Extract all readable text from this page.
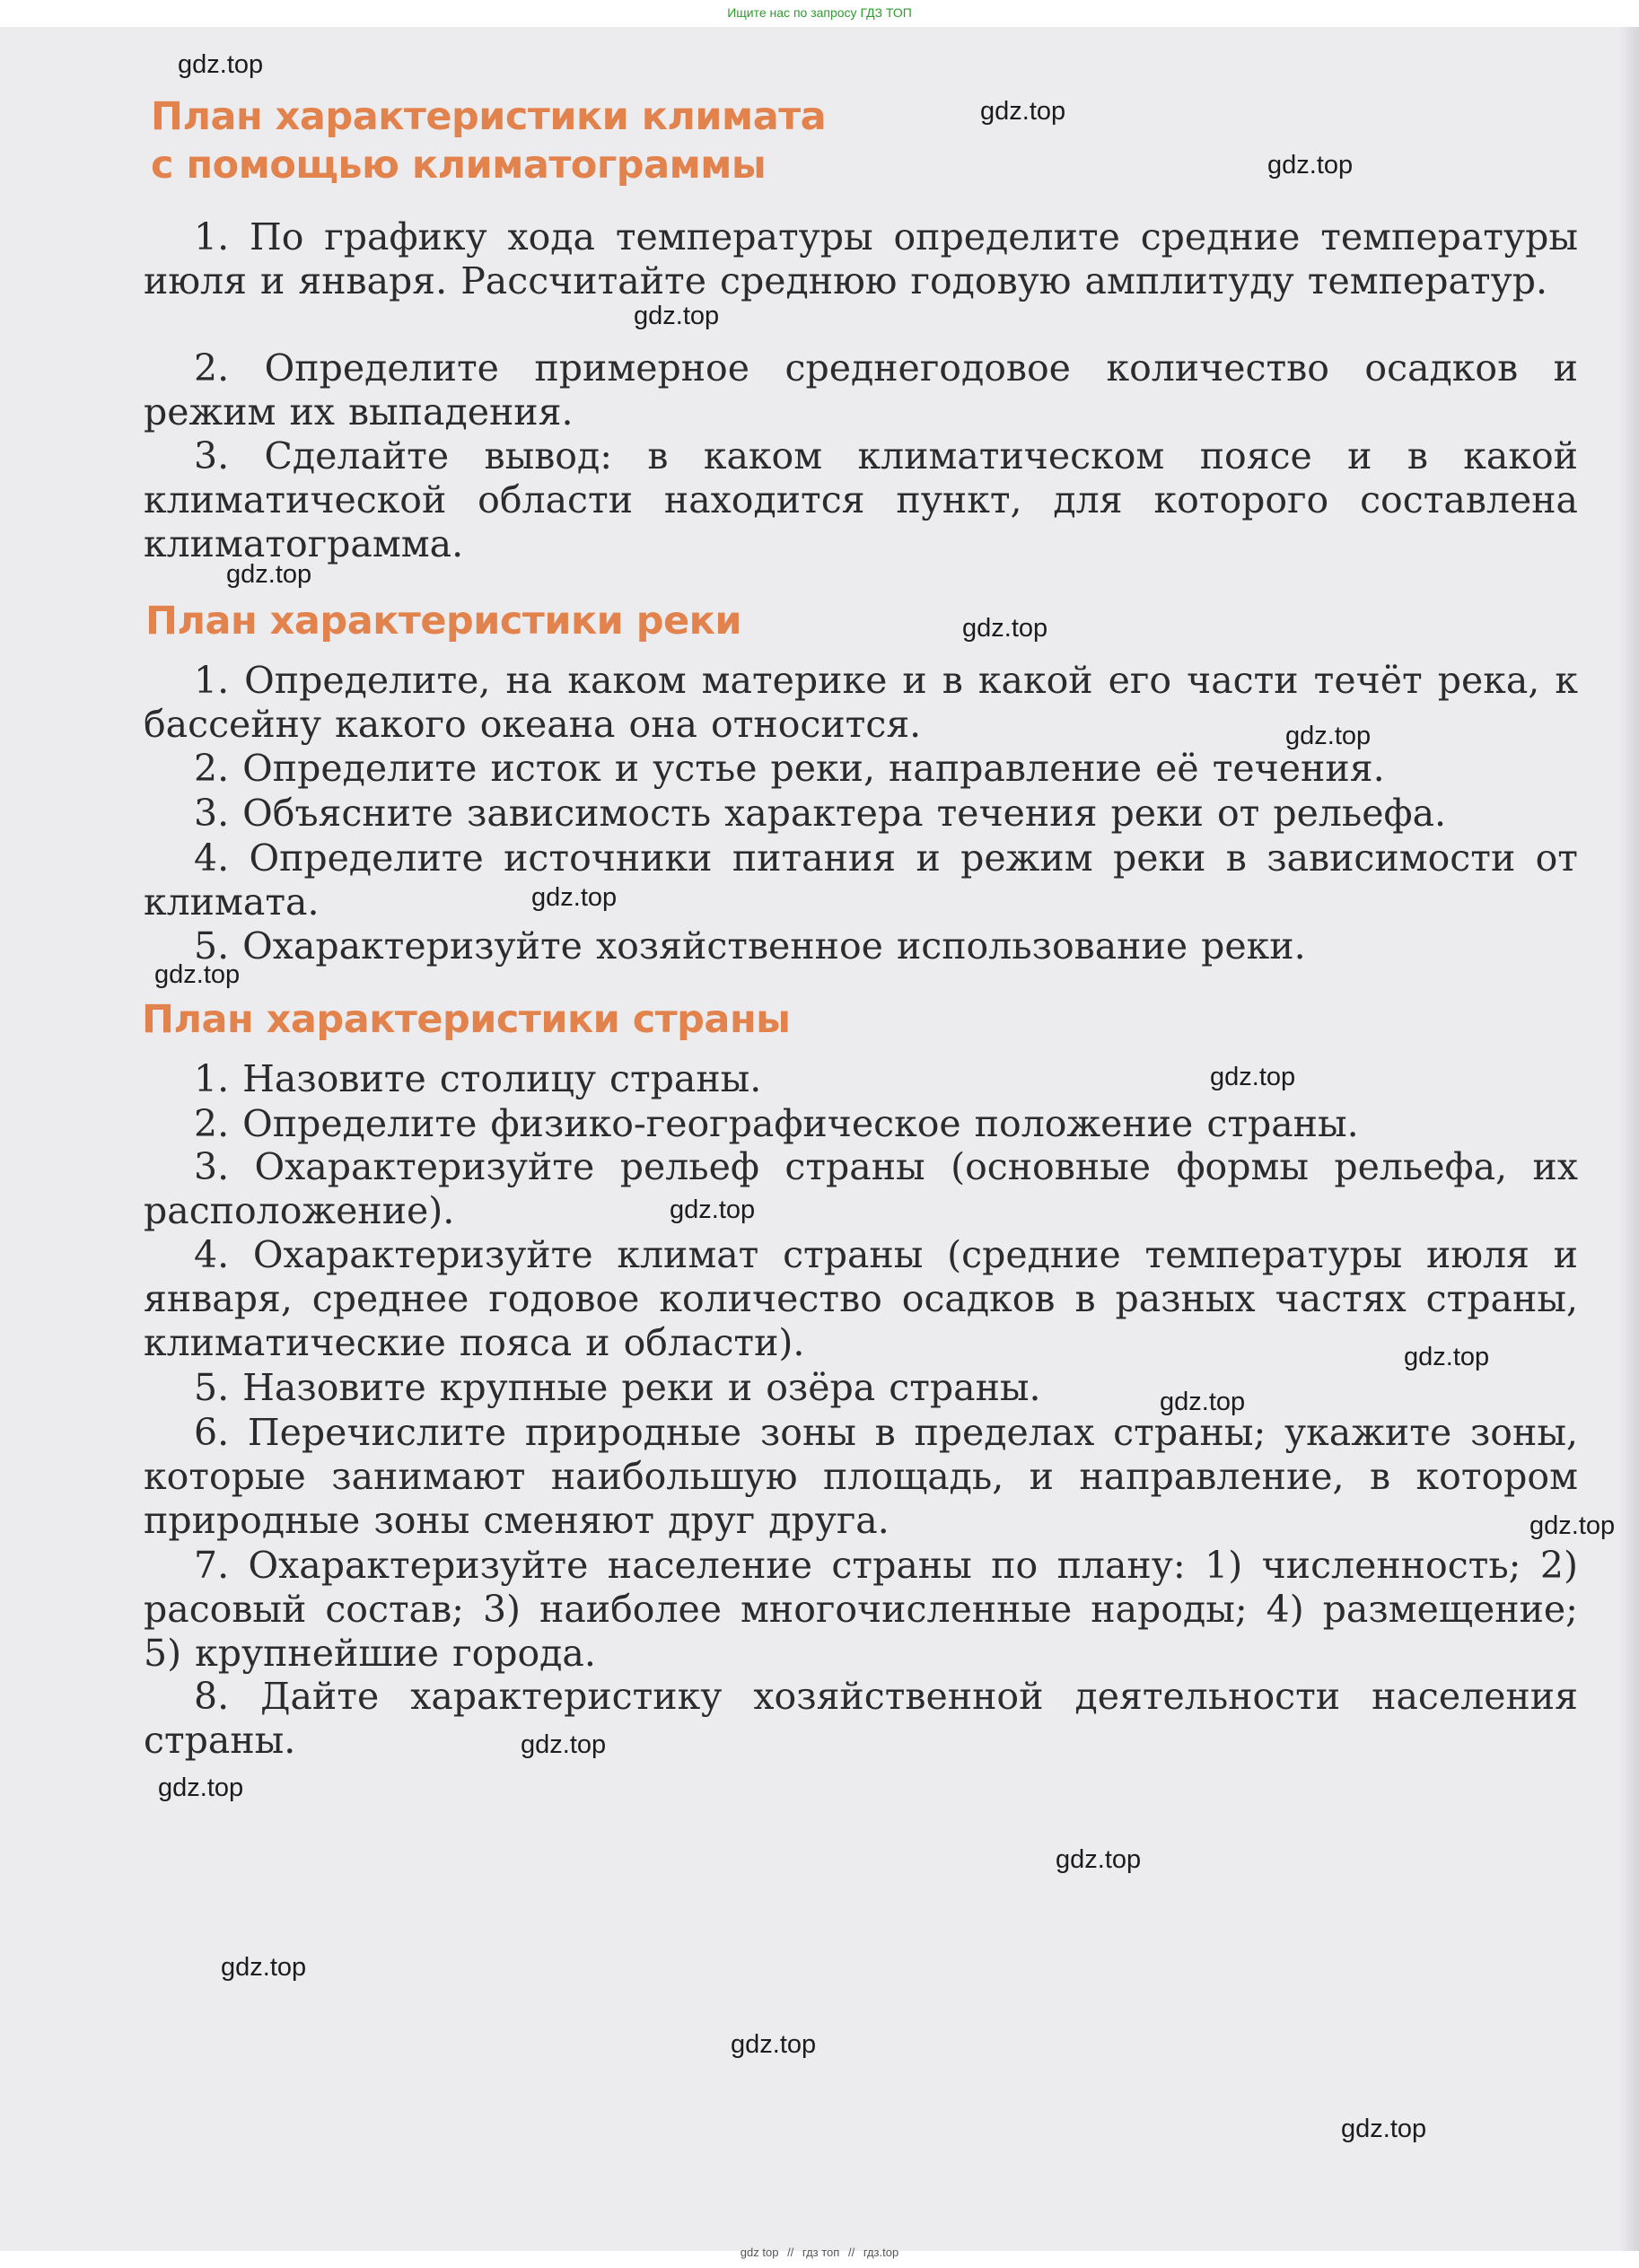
Ищите нас по запросу ГДЗ ТОП
План характеристики климата
с помощью климатограммы

1. По графику хода температуры определите средние температуры июля и января. Рассчитайте среднюю годовую амплитуду температур.

2. Определите примерное среднегодовое количество осадков и режим их выпадения.

3. Сделайте вывод: в каком климатическом поясе и в какой климатической области находится пункт, для которого составлена климатограмма.

План характеристики реки

1. Определите, на каком материке и в какой его части течёт река, к бассейну какого океана она относится.

2. Определите исток и устье реки, направление её течения.

3. Объясните зависимость характера течения реки от рельефа.

4. Определите источники питания и режим реки в зависимости от климата.

5. Охарактеризуйте хозяйственное использование реки.

План характеристики страны

1. Назовите столицу страны.

2. Определите физико-географическое положение страны.

3. Охарактеризуйте рельеф страны (основные формы рельефа, их расположение).

4. Охарактеризуйте климат страны (средние температуры июля и января, среднее годовое количество осадков в разных частях страны, климатические пояса и области).

5. Назовите крупные реки и озёра страны.

6. Перечислите природные зоны в пределах страны; укажите зоны, которые занимают наибольшую площадь, и направление, в котором природные зоны сменяют друг друга.

7. Охарактеризуйте население страны по плану: 1) численность; 2) расовый состав; 3) наиболее многочисленные народы; 4) размещение; 5) крупнейшие города.

8. Дайте характеристику хозяйственной деятельности населения страны.

gdz.top
gdz.top
gdz.top
gdz.top
gdz.top
gdz.top
gdz.top
gdz.top
gdz.top
gdz.top
gdz.top
gdz.top
gdz.top
gdz.top
gdz.top
gdz.top
gdz.top
gdz.top
gdz.top
gdz.top
gdz top // гдз топ // гдз.top
